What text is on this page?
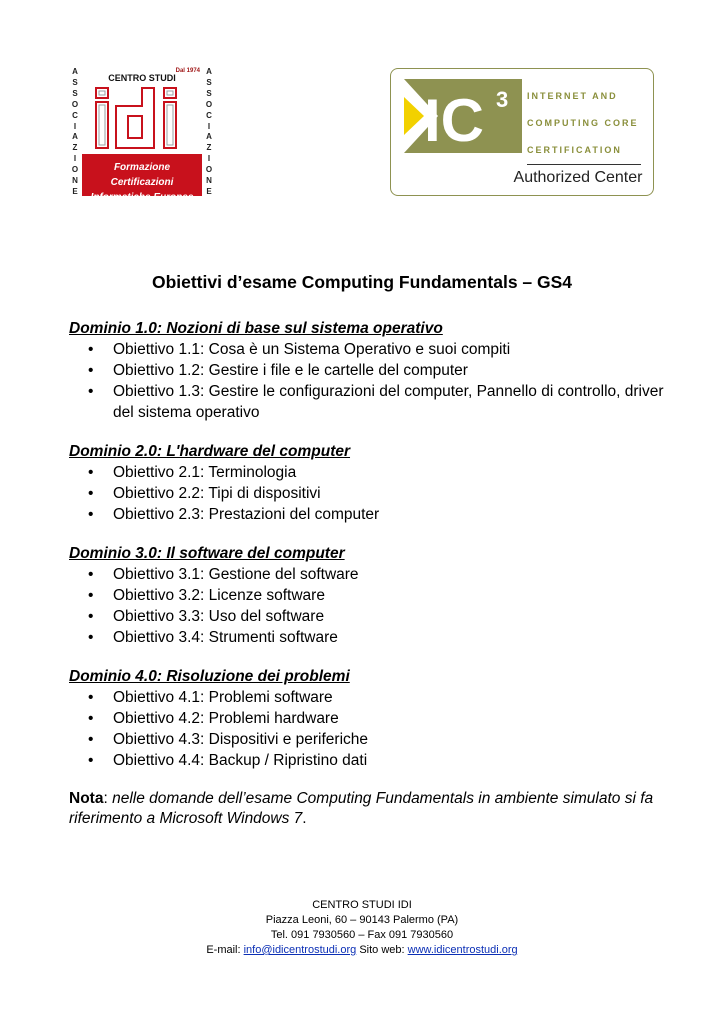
A
S
S
O
C
I
A
Z
I
O
N
E
Dal 1974
CENTRO STUDI
Formazione Certificazioni
Informatiche Europee
A
S
S
O
C
I
A
Z
I
O
N
E
IC 3 INTERNET AND
COMPUTING CORE
CERTIFICATION
Authorized Center
Obiettivi d’esame Computing Fundamentals – GS4
Dominio 1.0: Nozioni di base sul sistema operativo
• Obiettivo 1.1: Cosa è un Sistema Operativo e suoi compiti
• Obiettivo 1.2: Gestire i file e le cartelle del computer
• Obiettivo 1.3: Gestire le configurazioni del computer, Pannello di controllo, driver del sistema operativo
Dominio 2.0: L'hardware del computer
• Obiettivo 2.1: Terminologia
• Obiettivo 2.2: Tipi di dispositivi
• Obiettivo 2.3: Prestazioni del computer
Dominio 3.0: Il software del computer
• Obiettivo 3.1: Gestione del software
• Obiettivo 3.2: Licenze software
• Obiettivo 3.3: Uso del software
• Obiettivo 3.4: Strumenti software
Dominio 4.0: Risoluzione dei problemi
• Obiettivo 4.1: Problemi software
• Obiettivo 4.2: Problemi hardware
• Obiettivo 4.3: Dispositivi e periferiche
• Obiettivo 4.4: Backup / Ripristino dati
Nota: nelle domande dell’esame Computing Fundamentals in ambiente simulato si fa riferimento a Microsoft Windows 7.
CENTRO STUDI IDI
Piazza Leoni, 60 – 90143 Palermo (PA)
Tel. 091 7930560 – Fax 091 7930560
E-mail: info@idicentrostudi.org Sito web: www.idicentrostudi.org
